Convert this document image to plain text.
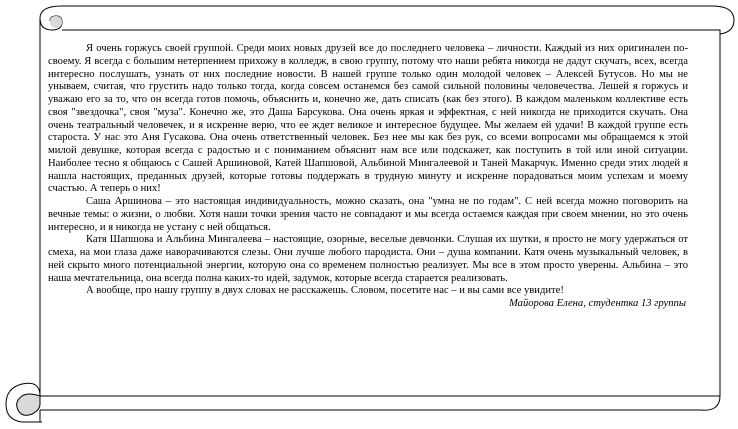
Я очень горжусь своей группой. Среди моих новых друзей все до последнего человека – личности. Каждый из них оригинален по-своему. Я всегда с большим нетерпением прихожу в колледж, в свою группу, потому что наши ребята никогда не дадут скучать, всех, всегда интересно послушать, узнать от них последние новости. В нашей группе только один молодой человек – Алексей Бутусов. Но мы не унываем, считая, что грустить надо только тогда, когда совсем останемся без самой сильной половины человечества. Лешей я горжусь и уважаю его за то, что он всегда готов помочь, объяснить и, конечно же, дать списать (как без этого). В каждом маленьком коллективе есть своя "звездочка", своя "муза". Конечно же, это Даша Барсукова. Она очень яркая и эффектная, с ней никогда не приходится скучать. Она очень театральный человечек, и я искренне верю, что ее ждет великое и интересное будущее. Мы желаем ей удачи! В каждой группе есть староста. У нас это Аня Гусакова. Она очень ответственный человек. Без нее мы как без рук, со всеми вопросами мы обращаемся к этой милой девушке, которая всегда с радостью и с пониманием объяснит нам все или подскажет, как поступить в той или иной ситуации. Наиболее тесно я общаюсь с Сашей Аршиновой, Катей Шапшовой, Альбиной Мингалеевой и Таней Макарчук. Именно среди этих людей я нашла настоящих, преданных друзей, которые готовы поддержать в трудную минуту и искренне порадоваться моим успехам и моему счастью. А теперь о них!

Саша Аршинова – это настоящая индивидуальность, можно сказать, она "умна не по годам". С ней всегда можно поговорить на вечные темы: о жизни, о любви. Хотя наши точки зрения часто не совпадают и мы всегда остаемся каждая при своем мнении, но это очень интересно, и я никогда не устану с ней общаться.

Катя Шапшова и Альбина Мингалеева – настоящие, озорные, веселые девчонки. Слушая их шутки, я просто не могу удержаться от смеха, на мои глаза даже наворачиваются слезы. Они лучше любого пародиста. Они – душа компании. Катя очень музыкальный человек, в ней скрыто много потенциальной энергии, которую она со временем полностью реализует. Мы все в этом просто уверены. Альбина – это наша мечтательница, она всегда полна каких-то идей, задумок, которые всегда старается реализовать.

А вообще, про нашу группу в двух словах не расскажешь. Словом, посетите нас – и вы сами все увидите!

Майорова Елена, студентка 13 группы
